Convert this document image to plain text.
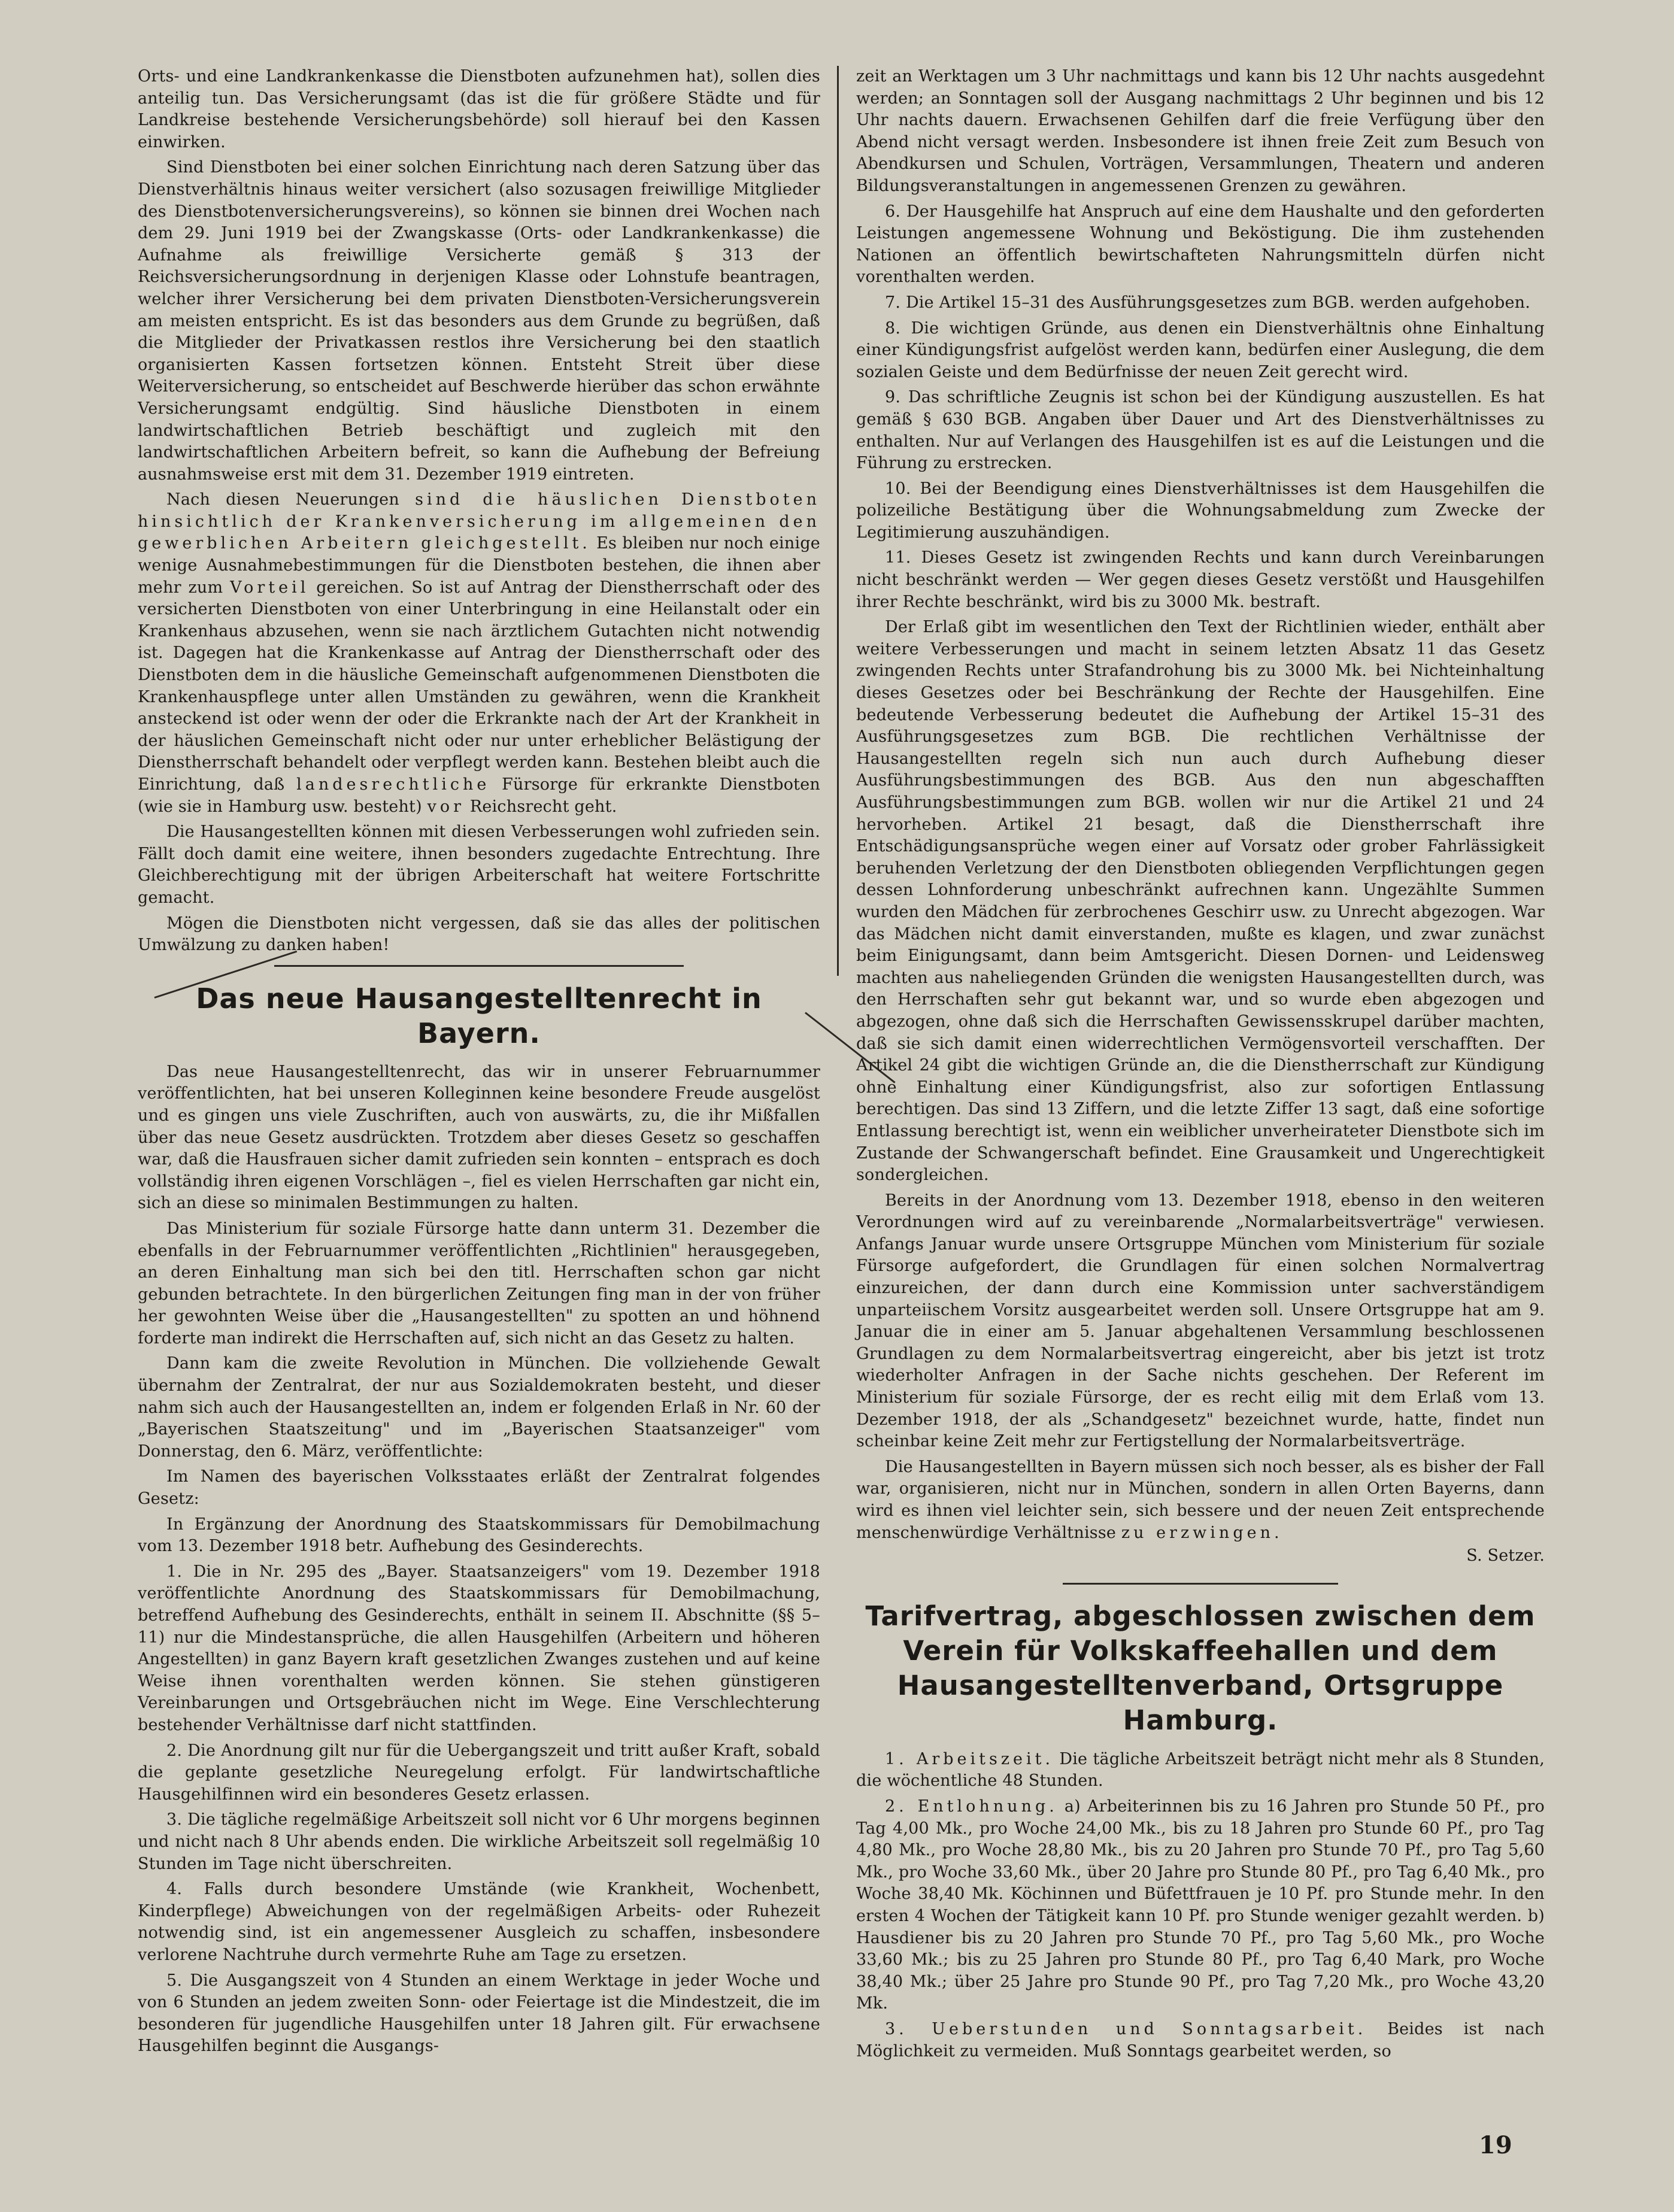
Orts- und eine Landkrankenkasse die Dienstboten aufzunehmen hat), sollen dies anteilig tun. Das Versicherungsamt (das ist die für größere Städte und für Landkreise bestehende Versicherungsbehörde) soll hierauf bei den Kassen einwirken.

Sind Dienstboten bei einer solchen Einrichtung nach deren Satzung über das Dienstverhältnis hinaus weiter versichert (also sozusagen freiwillige Mitglieder des Dienstbotenversicherungsvereins), so können sie binnen drei Wochen nach dem 29. Juni 1919 bei der Zwangskasse (Orts- oder Landkrankenkasse) die Aufnahme als freiwillige Versicherte gemäß § 313 der Reichsversicherungsordnung in derjenigen Klasse oder Lohnstufe beantragen, welcher ihrer Versicherung bei dem privaten Dienstboten-Versicherungsverein am meisten entspricht. Es ist das besonders aus dem Grunde zu begrüßen, daß die Mitglieder der Privatkassen restlos ihre Versicherung bei den staatlich organisierten Kassen fortsetzen können. Entsteht Streit über diese Weiterversicherung, so entscheidet auf Beschwerde hierüber das schon erwähnte Versicherungsamt endgültig. Sind häusliche Dienstboten in einem landwirtschaftlichen Betrieb beschäftigt und zugleich mit den landwirtschaftlichen Arbeitern befreit, so kann die Aufhebung der Befreiung ausnahmsweise erst mit dem 31. Dezember 1919 eintreten.

Nach diesen Neuerungen sind die häuslichen Dienstboten hinsichtlich der Krankenversicherung im allgemeinen den gewerblichen Arbeitern gleichgestellt. Es bleiben nur noch einige wenige Ausnahmebestimmungen für die Dienstboten bestehen, die ihnen aber mehr zum Vorteil gereichen. So ist auf Antrag der Dienstherrschaft oder des versicherten Dienstboten von einer Unterbringung in eine Heilanstalt oder ein Krankenhaus abzusehen, wenn sie nach ärztlichem Gutachten nicht notwendig ist. Dagegen hat die Krankenkasse auf Antrag der Dienstherrschaft oder des Dienstboten dem in die häusliche Gemeinschaft aufgenommenen Dienstboten die Krankenhauspflege unter allen Umständen zu gewähren, wenn die Krankheit ansteckend ist oder wenn der oder die Erkrankte nach der Art der Krankheit in der häuslichen Gemeinschaft nicht oder nur unter erheblicher Belästigung der Dienstherrschaft behandelt oder verpflegt werden kann. Bestehen bleibt auch die Einrichtung, daß landesrechtliche Fürsorge für erkrankte Dienstboten (wie sie in Hamburg usw. besteht) vor Reichsrecht geht.

Die Hausangestellten können mit diesen Verbesserungen wohl zufrieden sein. Fällt doch damit eine weitere, ihnen besonders zugedachte Entrechtung. Ihre Gleichberechtigung mit der übrigen Arbeiterschaft hat weitere Fortschritte gemacht.

Mögen die Dienstboten nicht vergessen, daß sie das alles der politischen Umwälzung zu danken haben!

Das neue Hausangestelltenrecht in Bayern.

Das neue Hausangestelltenrecht, das wir in unserer Februarnummer veröffentlichten, hat bei unseren Kolleginnen keine besondere Freude ausgelöst und es gingen uns viele Zuschriften, auch von auswärts, zu, die ihr Mißfallen über das neue Gesetz ausdrückten. Trotzdem aber dieses Gesetz so geschaffen war, daß die Hausfrauen sicher damit zufrieden sein konnten – entsprach es doch vollständig ihren eigenen Vorschlägen –, fiel es vielen Herrschaften gar nicht ein, sich an diese so minimalen Bestimmungen zu halten.

Das Ministerium für soziale Fürsorge hatte dann unterm 31. Dezember die ebenfalls in der Februarnummer veröffentlichten „Richtlinien" herausgegeben, an deren Einhaltung man sich bei den titl. Herrschaften schon gar nicht gebunden betrachtete. In den bürgerlichen Zeitungen fing man in der von früher her gewohnten Weise über die „Hausangestellten" zu spotten an und höhnend forderte man indirekt die Herrschaften auf, sich nicht an das Gesetz zu halten.

Dann kam die zweite Revolution in München. Die vollziehende Gewalt übernahm der Zentralrat, der nur aus Sozialdemokraten besteht, und dieser nahm sich auch der Hausangestellten an, indem er folgenden Erlaß in Nr. 60 der „Bayerischen Staatszeitung" und im „Bayerischen Staatsanzeiger" vom Donnerstag, den 6. März, veröffentlichte:

Im Namen des bayerischen Volksstaates erläßt der Zentralrat folgendes Gesetz:

In Ergänzung der Anordnung des Staatskommissars für Demobilmachung vom 13. Dezember 1918 betr. Aufhebung des Gesinderechts.

1. Die in Nr. 295 des „Bayer. Staatsanzeigers" vom 19. Dezember 1918 veröffentlichte Anordnung des Staatskommissars für Demobilmachung, betreffend Aufhebung des Gesinderechts, enthält in seinem II. Abschnitte (§§ 5–11) nur die Mindestansprüche, die allen Hausgehilfen (Arbeitern und höheren Angestellten) in ganz Bayern kraft gesetzlichen Zwanges zustehen und auf keine Weise ihnen vorenthalten werden können. Sie stehen günstigeren Vereinbarungen und Ortsgebräuchen nicht im Wege. Eine Verschlechterung bestehender Verhältnisse darf nicht stattfinden.

2. Die Anordnung gilt nur für die Uebergangszeit und tritt außer Kraft, sobald die geplante gesetzliche Neuregelung erfolgt. Für landwirtschaftliche Hausgehilfinnen wird ein besonderes Gesetz erlassen.

3. Die tägliche regelmäßige Arbeitszeit soll nicht vor 6 Uhr morgens beginnen und nicht nach 8 Uhr abends enden. Die wirkliche Arbeitszeit soll regelmäßig 10 Stunden im Tage nicht überschreiten.

4. Falls durch besondere Umstände (wie Krankheit, Wochenbett, Kinderpflege) Abweichungen von der regelmäßigen Arbeits- oder Ruhezeit notwendig sind, ist ein angemessener Ausgleich zu schaffen, insbesondere verlorene Nachtruhe durch vermehrte Ruhe am Tage zu ersetzen.

5. Die Ausgangszeit von 4 Stunden an einem Werktage in jeder Woche und von 6 Stunden an jedem zweiten Sonn- oder Feiertage ist die Mindestzeit, die im besonderen für jugendliche Hausgehilfen unter 18 Jahren gilt. Für erwachsene Hausgehilfen beginnt die Ausgangs-

zeit an Werktagen um 3 Uhr nachmittags und kann bis 12 Uhr nachts ausgedehnt werden; an Sonntagen soll der Ausgang nachmittags 2 Uhr beginnen und bis 12 Uhr nachts dauern. Erwachsenen Gehilfen darf die freie Verfügung über den Abend nicht versagt werden. Insbesondere ist ihnen freie Zeit zum Besuch von Abendkursen und Schulen, Vorträgen, Versammlungen, Theatern und anderen Bildungsveranstaltungen in angemessenen Grenzen zu gewähren.

6. Der Hausgehilfe hat Anspruch auf eine dem Haushalte und den geforderten Leistungen angemessene Wohnung und Beköstigung. Die ihm zustehenden Nationen an öffentlich bewirtschafteten Nahrungsmitteln dürfen nicht vorenthalten werden.

7. Die Artikel 15–31 des Ausführungsgesetzes zum BGB. werden aufgehoben.

8. Die wichtigen Gründe, aus denen ein Dienstverhältnis ohne Einhaltung einer Kündigungsfrist aufgelöst werden kann, bedürfen einer Auslegung, die dem sozialen Geiste und dem Bedürfnisse der neuen Zeit gerecht wird.

9. Das schriftliche Zeugnis ist schon bei der Kündigung auszustellen. Es hat gemäß § 630 BGB. Angaben über Dauer und Art des Dienstverhältnisses zu enthalten. Nur auf Verlangen des Hausgehilfen ist es auf die Leistungen und die Führung zu erstrecken.

10. Bei der Beendigung eines Dienstverhältnisses ist dem Hausgehilfen die polizeiliche Bestätigung über die Wohnungsabmeldung zum Zwecke der Legitimierung auszuhändigen.

11. Dieses Gesetz ist zwingenden Rechts und kann durch Vereinbarungen nicht beschränkt werden — Wer gegen dieses Gesetz verstößt und Hausgehilfen ihrer Rechte beschränkt, wird bis zu 3000 Mk. bestraft.

Der Erlaß gibt im wesentlichen den Text der Richtlinien wieder, enthält aber weitere Verbesserungen und macht in seinem letzten Absatz 11 das Gesetz zwingenden Rechts unter Strafandrohung bis zu 3000 Mk. bei Nichteinhaltung dieses Gesetzes oder bei Beschränkung der Rechte der Hausgehilfen. Eine bedeutende Verbesserung bedeutet die Aufhebung der Artikel 15–31 des Ausführungsgesetzes zum BGB. Die rechtlichen Verhältnisse der Hausangestellten regeln sich nun auch durch Aufhebung dieser Ausführungsbestimmungen des BGB. Aus den nun abgeschafften Ausführungsbestimmungen zum BGB. wollen wir nur die Artikel 21 und 24 hervorheben. Artikel 21 besagt, daß die Dienstherrschaft ihre Entschädigungsansprüche wegen einer auf Vorsatz oder grober Fahrlässigkeit beruhenden Verletzung der den Dienstboten obliegenden Verpflichtungen gegen dessen Lohnforderung unbeschränkt aufrechnen kann. Ungezählte Summen wurden den Mädchen für zerbrochenes Geschirr usw. zu Unrecht abgezogen. War das Mädchen nicht damit einverstanden, mußte es klagen, und zwar zunächst beim Einigungsamt, dann beim Amtsgericht. Diesen Dornen- und Leidensweg machten aus naheliegenden Gründen die wenigsten Hausangestellten durch, was den Herrschaften sehr gut bekannt war, und so wurde eben abgezogen und abgezogen, ohne daß sich die Herrschaften Gewissensskrupel darüber machten, daß sie sich damit einen widerrechtlichen Vermögensvorteil verschafften. Der Artikel 24 gibt die wichtigen Gründe an, die die Dienstherrschaft zur Kündigung ohne Einhaltung einer Kündigungsfrist, also zur sofortigen Entlassung berechtigen. Das sind 13 Ziffern, und die letzte Ziffer 13 sagt, daß eine sofortige Entlassung berechtigt ist, wenn ein weiblicher unverheirateter Dienstbote sich im Zustande der Schwangerschaft befindet. Eine Grausamkeit und Ungerechtigkeit sondergleichen.

Bereits in der Anordnung vom 13. Dezember 1918, ebenso in den weiteren Verordnungen wird auf zu vereinbarende „Normalarbeitsverträge" verwiesen. Anfangs Januar wurde unsere Ortsgruppe München vom Ministerium für soziale Fürsorge aufgefordert, die Grundlagen für einen solchen Normalvertrag einzureichen, der dann durch eine Kommission unter sachverständigem unparteiischem Vorsitz ausgearbeitet werden soll. Unsere Ortsgruppe hat am 9. Januar die in einer am 5. Januar abgehaltenen Versammlung beschlossenen Grundlagen zu dem Normalarbeitsvertrag eingereicht, aber bis jetzt ist trotz wiederholter Anfragen in der Sache nichts geschehen. Der Referent im Ministerium für soziale Fürsorge, der es recht eilig mit dem Erlaß vom 13. Dezember 1918, der als „Schandgesetz" bezeichnet wurde, hatte, findet nun scheinbar keine Zeit mehr zur Fertigstellung der Normalarbeitsverträge.

Die Hausangestellten in Bayern müssen sich noch besser, als es bisher der Fall war, organisieren, nicht nur in München, sondern in allen Orten Bayerns, dann wird es ihnen viel leichter sein, sich bessere und der neuen Zeit entsprechende menschenwürdige Verhältnisse zu erzwingen.

S. Setzer.

Tarifvertrag, abgeschlossen zwischen dem Verein für Volkskaffeehallen und dem Hausangestelltenverband, Ortsgruppe Hamburg.

1. Arbeitszeit. Die tägliche Arbeitszeit beträgt nicht mehr als 8 Stunden, die wöchentliche 48 Stunden.

2. Entlohnung. a) Arbeiterinnen bis zu 16 Jahren pro Stunde 50 Pf., pro Tag 4,00 Mk., pro Woche 24,00 Mk., bis zu 18 Jahren pro Stunde 60 Pf., pro Tag 4,80 Mk., pro Woche 28,80 Mk., bis zu 20 Jahren pro Stunde 70 Pf., pro Tag 5,60 Mk., pro Woche 33,60 Mk., über 20 Jahre pro Stunde 80 Pf., pro Tag 6,40 Mk., pro Woche 38,40 Mk. Köchinnen und Büfettfrauen je 10 Pf. pro Stunde mehr. In den ersten 4 Wochen der Tätigkeit kann 10 Pf. pro Stunde weniger gezahlt werden. b) Hausdiener bis zu 20 Jahren pro Stunde 70 Pf., pro Tag 5,60 Mk., pro Woche 33,60 Mk.; bis zu 25 Jahren pro Stunde 80 Pf., pro Tag 6,40 Mark, pro Woche 38,40 Mk.; über 25 Jahre pro Stunde 90 Pf., pro Tag 7,20 Mk., pro Woche 43,20 Mk.

3. Ueberstunden und Sonntagsarbeit. Beides ist nach Möglichkeit zu vermeiden. Muß Sonntags gearbeitet werden, so

19
